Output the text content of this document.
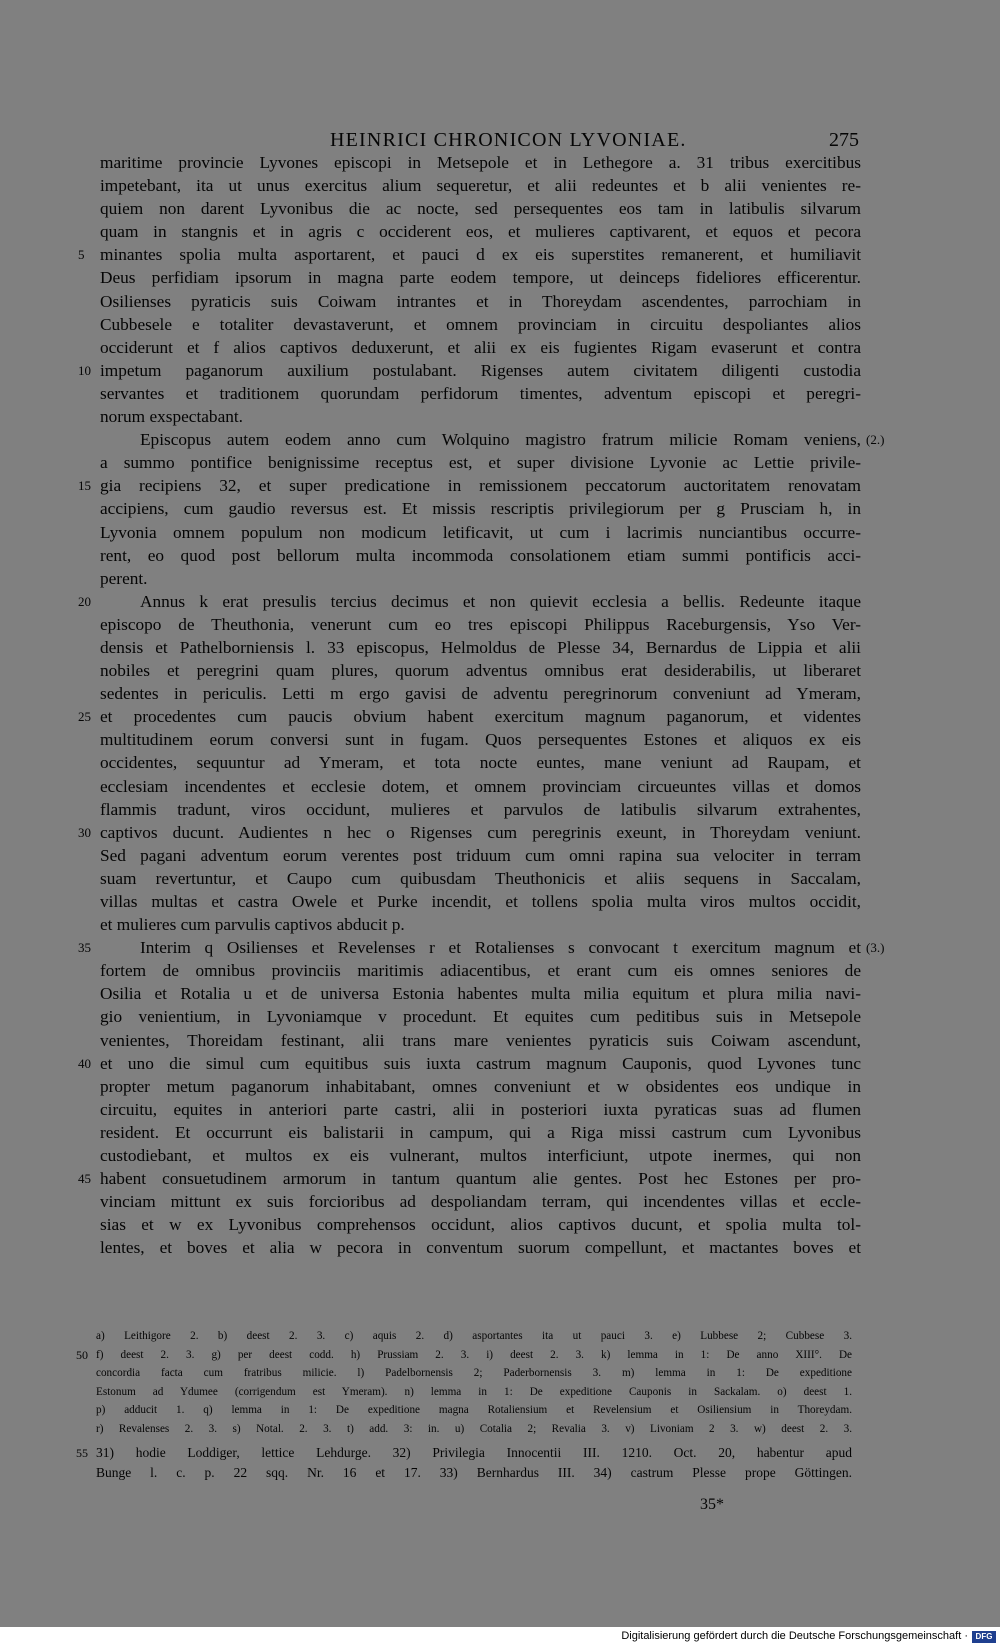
HEINRICI CHRONICON LYVONIAE.	275
maritime provincie Lyvones episcopi in Metsepole et in Lethegore a. 31 tribus exercitibus
impetebant, ita ut unus exercitus alium sequeretur, et alii redeuntes et b alii venientes re-
quiem non darent Lyvonibus die ac nocte, sed persequentes eos tam in latibulis silvarum
quam in stangnis et in agris c occiderent eos, et mulieres captivarent, et equos et pecora
5 minantes spolia multa asportarent, et pauci d ex eis superstites remanerent, et humiliavit
Deus perfidiam ipsorum in magna parte eodem tempore, ut deinceps fideliores efficerentur.
Osilienses pyraticis suis Coiwam intrantes et in Thoreydam ascendentes, parrochiam in
Cubbesele e totaliter devastaverunt, et omnem provinciam in circuitu despoliantes alios
occiderunt et f alios captivos deduxerunt, et alii ex eis fugientes Rigam evaserunt et contra
10 impetum paganorum auxilium postulabant. Rigenses autem civitatem diligenti custodia
servantes et traditionem quorundam perfidorum timentes, adventum episcopi et peregri-
norum exspectabant.
Episcopus autem eodem anno cum Wolquino magistro fratrum milicie Romam veniens, (2.)
a summo pontifice benignissime receptus est, et super divisione Lyvonie ac Lettie privile-
15 gia recipiens 32, et super predicatione in remissionem peccatorum auctoritatem renovatam
accipiens, cum gaudio reversus est. Et missis rescriptis privilegiorum per g Prusciam h, in
Lyvonia omnem populum non modicum letificavit, ut cum i lacrimis nunciantibus occurre-
rent, eo quod post bellorum multa incommoda consolationem etiam summi pontificis acci-
perent.
20	Annus k erat presulis tercius decimus et non quievit ecclesia a bellis. Redeunte itaque
episcopo de Theuthonia, venerunt cum eo tres episcopi Philippus Raceburgensis, Yso Ver-
densis et Pathelborniensis l. 33 episcopus, Helmoldus de Plesse 34, Bernardus de Lippia et alii
nobiles et peregrini quam plures, quorum adventus omnibus erat desiderabilis, ut liberaret
sedentes in periculis. Letti m ergo gavisi de adventu peregrinorum conveniunt ad Ymeram,
25 et procedentes cum paucis obvium habent exercitum magnum paganorum, et videntes
multitudinem eorum conversi sunt in fugam. Quos persequentes Estones et aliquos ex eis
occidentes, sequuntur ad Ymeram, et tota nocte euntes, mane veniunt ad Raupam, et
ecclesiam incendentes et ecclesie dotem, et omnem provinciam circueuntes villas et domos
flammis tradunt, viros occidunt, mulieres et parvulos de latibulis silvarum extrahentes,
30 captivos ducunt. Audientes n hec o Rigenses cum peregrinis exeunt, in Thoreydam veniunt.
Sed pagani adventum eorum verentes post triduum cum omni rapina sua velociter in terram
suam revertuntur, et Caupo cum quibusdam Theuthonicis et aliis sequens in Saccalam,
villas multas et castra Owele et Purke incendit, et tollens spolia multa viros multos occidit,
et mulieres cum parvulis captivos abducit p.
35	Interim q Osilienses et Revelenses r et Rotalienses s convocant t exercitum magnum et (3.)
fortem de omnibus provinciis maritimis adiacentibus, et erant cum eis omnes seniores de
Osilia et Rotalia u et de universa Estonia habentes multa milia equitum et plura milia navi-
gio venientium, in Lyvoniamque v procedunt. Et equites cum peditibus suis in Metsepole
venientes, Thoreidam festinant, alii trans mare venientes pyraticis suis Coiwam ascendunt,
40 et uno die simul cum equitibus suis iuxta castrum magnum Cauponis, quod Lyvones tunc
propter metum paganorum inhabitabant, omnes conveniunt et w obsidentes eos undique in
circuitu, equites in anteriori parte castri, alii in posteriori iuxta pyraticas suas ad flumen
resident. Et occurrunt eis balistarii in campum, qui a Riga missi castrum cum Lyvonibus
custodiebant, et multos ex eis vulnerant, multos interficiunt, utpote inermes, qui non
45 habent consuetudinem armorum in tantum quantum alie gentes. Post hec Estones per pro-
vinciam mittunt ex suis forcioribus ad despoliandam terram, qui incendentes villas et eccle-
sias et w ex Lyvonibus comprehensos occidunt, alios captivos ducunt, et spolia multa tol-
lentes, et boves et alia w pecora in conventum suorum compellunt, et mactantes boves et
a) Leithigore 2. b) deest 2. 3. c) aquis 2. d) asportantes ita ut pauci 3. e) Lubbese 2; Cubbese 3.
50 f) deest 2. 3. g) per deest codd. h) Prussiam 2. 3. i) deest 2. 3. k) lemma in 1: De anno XIII°. De
concordia facta cum fratribus milicie. l) Padelbornensis 2; Paderbornensis 3. m) lemma in 1: De expeditione
Estonum ad Ydumee (corrigendum est Ymeram). n) lemma in 1: De expeditione Cauponis in Sackalam. o) deest 1.
p) adducit 1. q) lemma in 1: De expeditione magna Rotaliensium et Revelensium et Osiliensium in Thoreydam.
r) Revalenses 2. 3. s) Notal. 2. 3. t) add. 3: in. u) Cotalia 2; Revalia 3. v) Livoniam 2 3. w) deest 2. 3.
55 31) hodie Loddiger, lettice Lehdurge. 32) Privilegia Innocentii III. 1210. Oct. 20, habentur apud
Bunge l. c. p. 22 sqq. Nr. 16 et 17. 33) Bernhardus III. 34) castrum Plesse prope Göttingen.
35*
Digitalisierung gefördert durch die Deutsche Forschungsgemeinschaft · DFG
